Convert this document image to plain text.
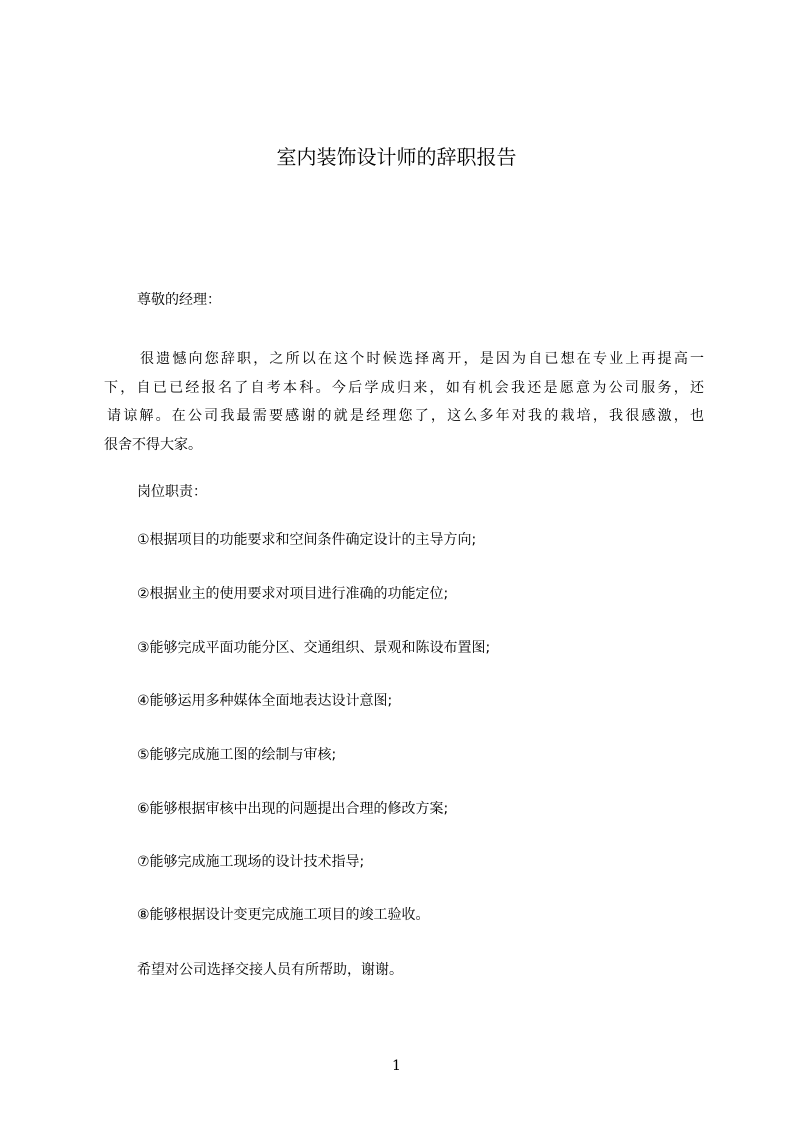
室内装饰设计师的辞职报告

尊敬的经理：

很遗憾向您辞职，之所以在这个时候选择离开，是因为自已想在专业上再提高一
下，自已已经报名了自考本科。今后学成归来，如有机会我还是愿意为公司服务，还
请谅解。在公司我最需要感谢的就是经理您了，这么多年对我的栽培，我很感激，也
很舍不得大家。

岗位职责：

①根据项目的功能要求和空间条件确定设计的主导方向;

②根据业主的使用要求对项目进行准确的功能定位;

③能够完成平面功能分区、交通组织、景观和陈设布置图;

④能够运用多种媒体全面地表达设计意图;

⑤能够完成施工图的绘制与审核;

⑥能够根据审核中出现的问题提出合理的修改方案;

⑦能够完成施工现场的设计技术指导;

⑧能够根据设计变更完成施工项目的竣工验收。

希望对公司选择交接人员有所帮助，谢谢。

1
